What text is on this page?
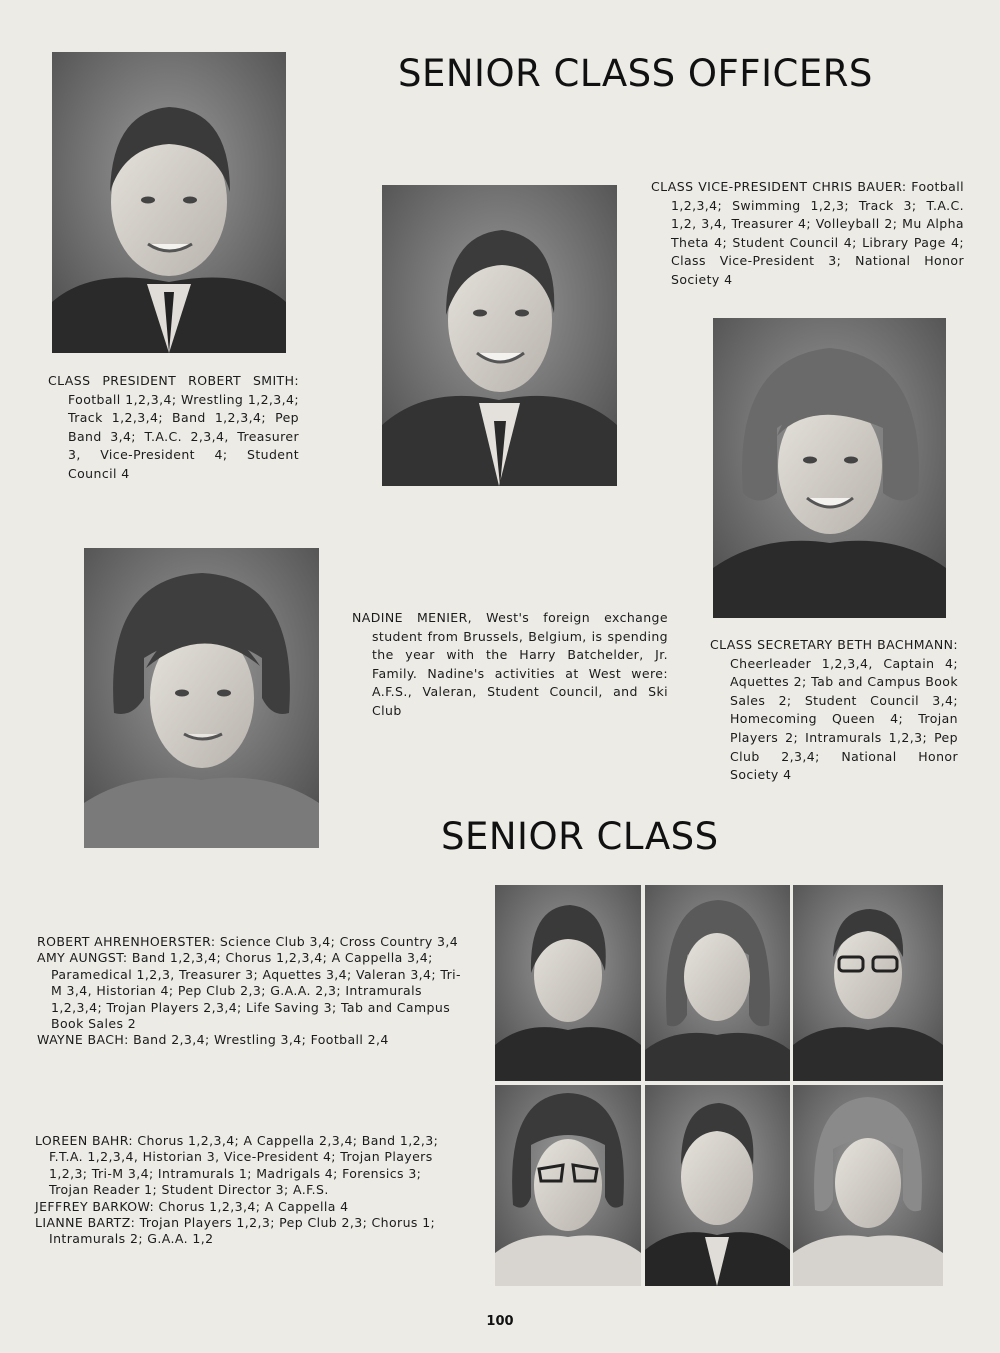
SENIOR CLASS OFFICERS
SENIOR CLASS
CLASS PRESIDENT ROBERT SMITH: Football 1,2,3,4; Wrestling 1,2,3,4; Track 1,2,3,4; Band 1,2,3,4; Pep Band 3,4; T.A.C. 2,3,4, Treasurer 3, Vice-President 4; Student Council 4
CLASS VICE-PRESIDENT CHRIS BAUER: Football 1,2,3,4; Swimming 1,2,3; Track 3; T.A.C. 1,2, 3,4, Treasurer 4; Volleyball 2; Mu Alpha Theta 4; Student Council 4; Library Page 4; Class Vice-President 3; National Honor Society 4
CLASS SECRETARY BETH BACHMANN: Cheerleader 1,2,3,4, Captain 4; Aquettes 2; Tab and Campus Book Sales 2; Student Council 3,4; Homecoming Queen 4; Trojan Players 2; Intramurals 1,2,3; Pep Club 2,3,4; National Honor Society 4
NADINE MENIER, West's foreign exchange student from Brussels, Belgium, is spending the year with the Harry Batchelder, Jr. Family. Nadine's activities at West were: A.F.S., Valeran, Student Council, and Ski Club
ROBERT AHRENHOERSTER: Science Club 3,4; Cross Country 3,4
AMY AUNGST: Band 1,2,3,4; Chorus 1,2,3,4; A Cappella 3,4; Paramedical 1,2,3, Treasurer 3; Aquettes 3,4; Valeran 3,4; Tri-M 3,4, Historian 4; Pep Club 2,3; G.A.A. 2,3; Intramurals 1,2,3,4; Trojan Players 2,3,4; Life Saving 3; Tab and Campus Book Sales 2
WAYNE BACH: Band 2,3,4; Wrestling 3,4; Football 2,4
LOREEN BAHR: Chorus 1,2,3,4; A Cappella 2,3,4; Band 1,2,3; F.T.A. 1,2,3,4, Historian 3, Vice-President 4; Trojan Players 1,2,3; Tri-M 3,4; Intramurals 1; Madrigals 4; Forensics 3; Trojan Reader 1; Student Director 3; A.F.S.
JEFFREY BARKOW: Chorus 1,2,3,4; A Cappella 4
LIANNE BARTZ: Trojan Players 1,2,3; Pep Club 2,3; Chorus 1; Intramurals 2; G.A.A. 1,2
100
